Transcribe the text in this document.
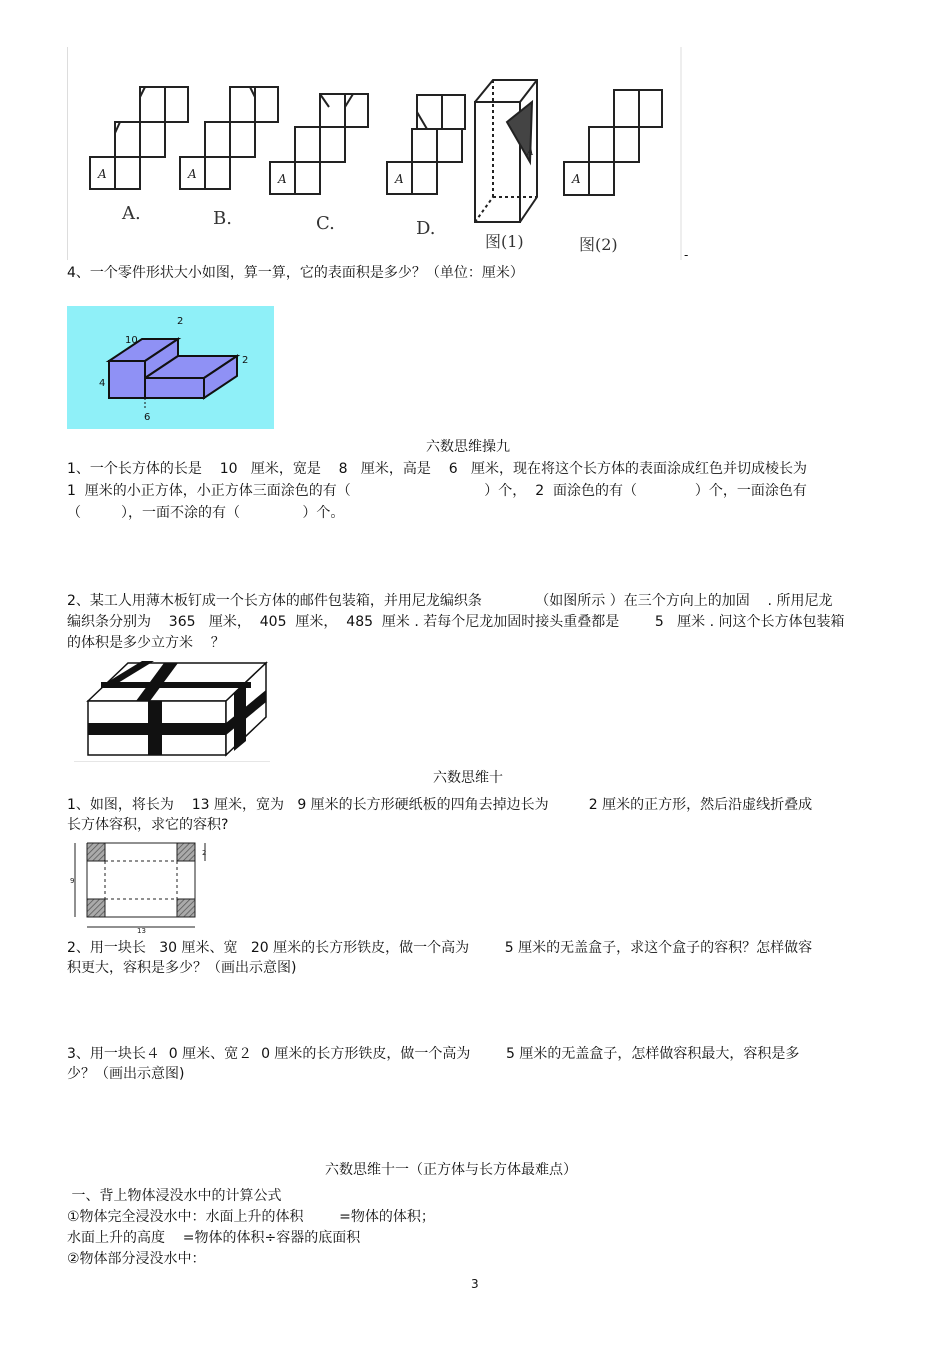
A	A	A	A
A
A
A.	B.	C.	D.
图(1)	图(2)
-
4、一个零件形状大小如图，算一算，它的表面积是多少？（单位：厘米）
10
2
2
4
6
六数思维操九
1、一个长方体的长是    10   厘米，宽是    8   厘米，高是    6   厘米，现在将这个长方体的表面涂成红色并切成棱长为
1  厘米的小正方体，小正方体三面涂色的有（                              ）个，  2  面涂色的有（             ）个，一面涂色有
（         ），一面不涂的有（              ）个。
2、某工人用薄木板钉成一个长方体的邮件包装箱，并用尼龙编织条            （如图所示 ）在三个方向上的加固    . 所用尼龙
编织条分别为    365   厘米，  405  厘米，  485  厘米 . 若每个尼龙加固时接头重叠都是        5   厘米 . 问这个长方体包装箱
的体积是多少立方米    ？
六数思维十
1、如图，将长为    13 厘米，宽为   9 厘米的长方形硬纸板的四角去掉边长为         2 厘米的正方形，然后沿虚线折叠成
长方体容积，求它的容积?
9
13
2
2、用一块长   30 厘米、宽   20 厘米的长方形铁皮，做一个高为        5 厘米的无盖盒子，求这个盒子的容积？怎样做容
积更大，容积是多少？（画出示意图)
3、用一块长４  0 厘米、宽２  0 厘米的长方形铁皮，做一个高为        5 厘米的无盖盒子，怎样做容积最大，容积是多
少？（画出示意图)
六数思维十一（正方体与长方体最难点）
一、背上物体浸没水中的计算公式
①物体完全浸没水中：水面上升的体积        =物体的体积；
水面上升的高度    =物体的体积÷容器的底面积
②物体部分浸没水中：
3
